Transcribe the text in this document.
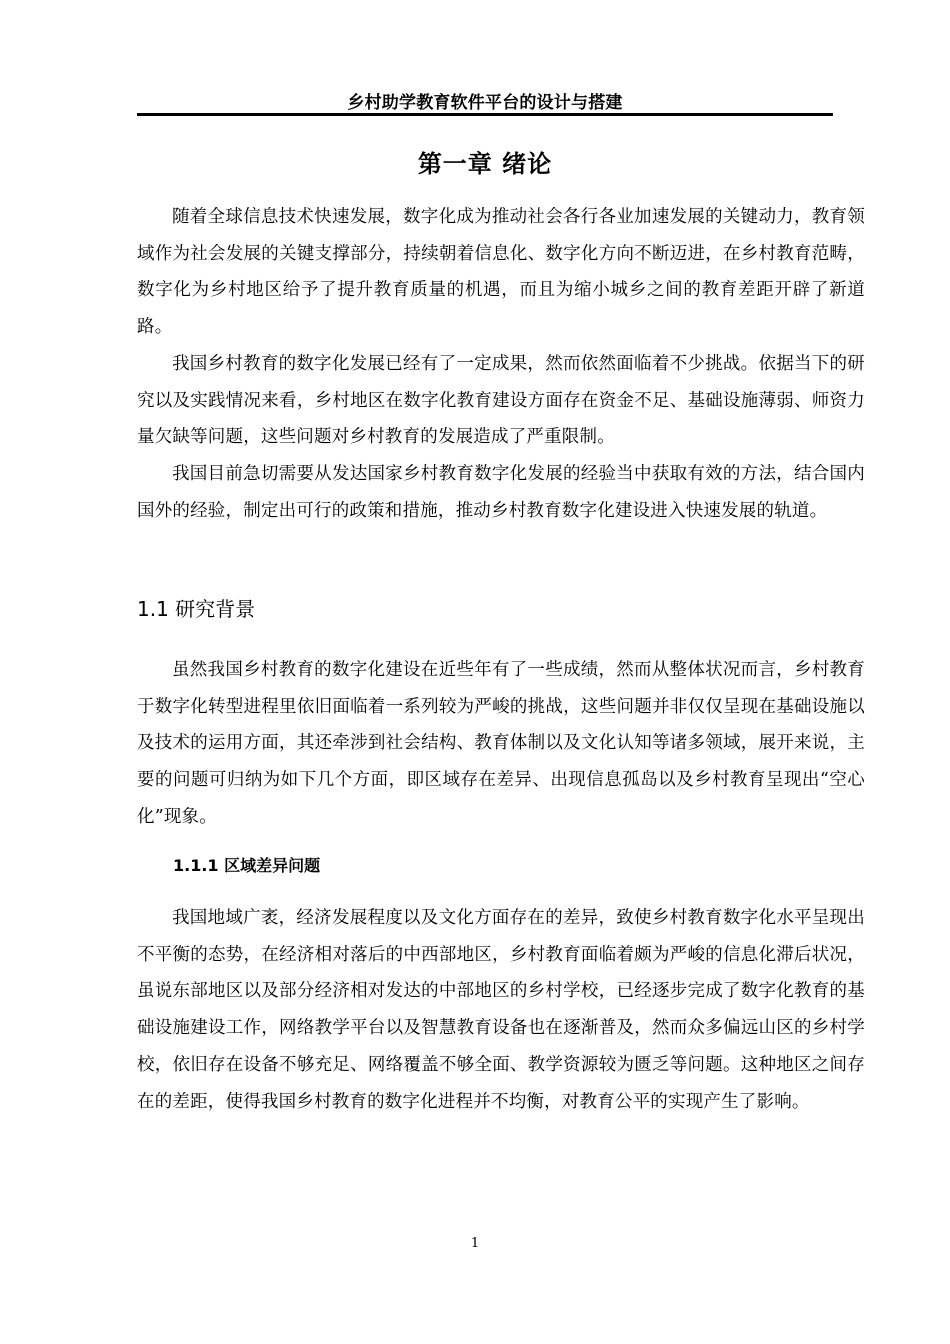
乡村助学教育软件平台的设计与搭建
第一章 绪论

随着全球信息技术快速发展，数字化成为推动社会各行各业加速发展的关键动力，教育领域作为社会发展的关键支撑部分，持续朝着信息化、数字化方向不断迈进，在乡村教育范畴，数字化为乡村地区给予了提升教育质量的机遇，而且为缩小城乡之间的教育差距开辟了新道路。

我国乡村教育的数字化发展已经有了一定成果，然而依然面临着不少挑战。依据当下的研究以及实践情况来看，乡村地区在数字化教育建设方面存在资金不足、基础设施薄弱、师资力量欠缺等问题，这些问题对乡村教育的发展造成了严重限制。

我国目前急切需要从发达国家乡村教育数字化发展的经验当中获取有效的方法，结合国内国外的经验，制定出可行的政策和措施，推动乡村教育数字化建设进入快速发展的轨道。

1.1 研究背景

虽然我国乡村教育的数字化建设在近些年有了一些成绩，然而从整体状况而言，乡村教育于数字化转型进程里依旧面临着一系列较为严峻的挑战，这些问题并非仅仅呈现在基础设施以及技术的运用方面，其还牵涉到社会结构、教育体制以及文化认知等诸多领域，展开来说，主要的问题可归纳为如下几个方面，即区域存在差异、出现信息孤岛以及乡村教育呈现出“空心化”现象。

1.1.1 区域差异问题

我国地域广袤，经济发展程度以及文化方面存在的差异，致使乡村教育数字化水平呈现出不平衡的态势，在经济相对落后的中西部地区，乡村教育面临着颇为严峻的信息化滞后状况，虽说东部地区以及部分经济相对发达的中部地区的乡村学校，已经逐步完成了数字化教育的基础设施建设工作，网络教学平台以及智慧教育设备也在逐渐普及，然而众多偏远山区的乡村学校，依旧存在设备不够充足、网络覆盖不够全面、教学资源较为匮乏等问题。这种地区之间存在的差距，使得我国乡村教育的数字化进程并不均衡，对教育公平的实现产生了影响。

1
